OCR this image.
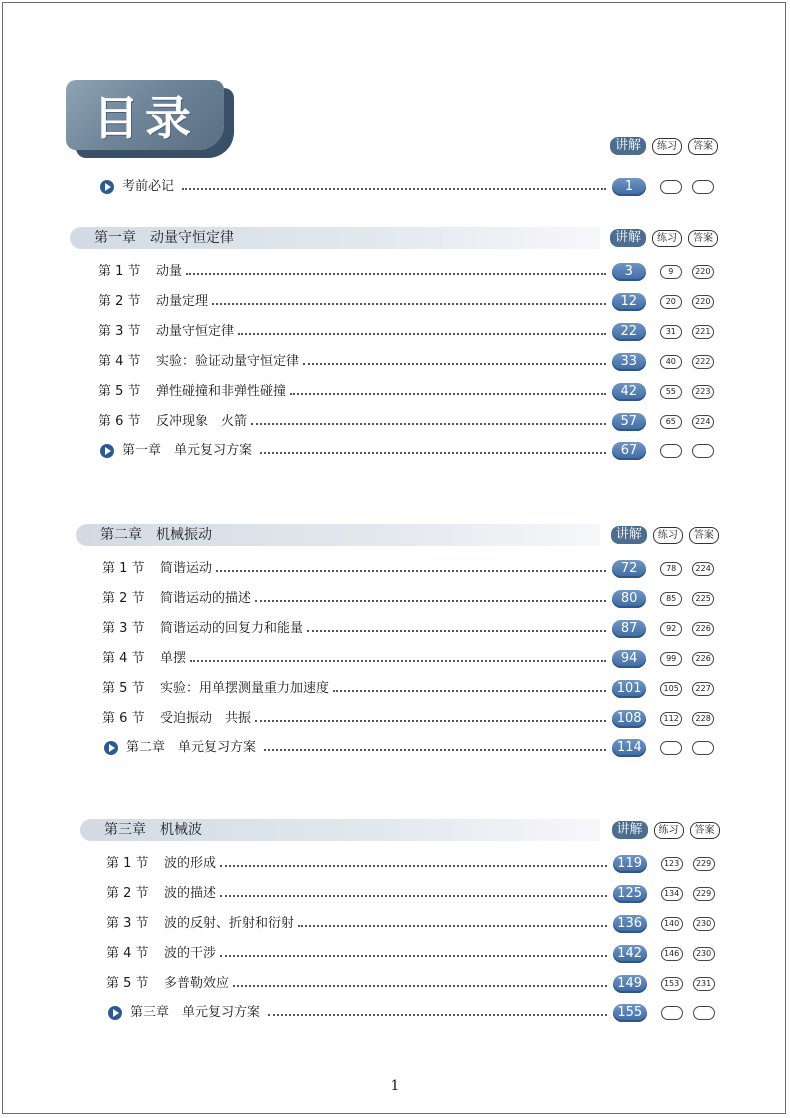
目录
讲解	练习	答案
考前必记	1
第一章　动量守恒定律	讲解	练习	答案
第 1 节 动量	3	9	220
第 2 节 动量定理	12	20	220
第 3 节 动量守恒定律	22	31	221
第 4 节 实验：验证动量守恒定律	33	40	222
第 5 节 弹性碰撞和非弹性碰撞	42	55	223
第 6 节 反冲现象　火箭	57	65	224
第一章　单元复习方案	67
第二章　机械振动	讲解	练习	答案
第 1 节 简谐运动	72	78	224
第 2 节 简谐运动的描述	80	85	225
第 3 节 简谐运动的回复力和能量	87	92	226
第 4 节 单摆	94	99	226
第 5 节 实验：用单摆测量重力加速度	101	105	227
第 6 节 受迫振动　共振	108	112	228
第二章　单元复习方案	114
第三章　机械波	讲解	练习	答案
第 1 节 波的形成	119	123	229
第 2 节 波的描述	125	134	229
第 3 节 波的反射、折射和衍射	136	140	230
第 4 节 波的干涉	142	146	230
第 5 节 多普勒效应	149	153	231
第三章　单元复习方案	155
1
